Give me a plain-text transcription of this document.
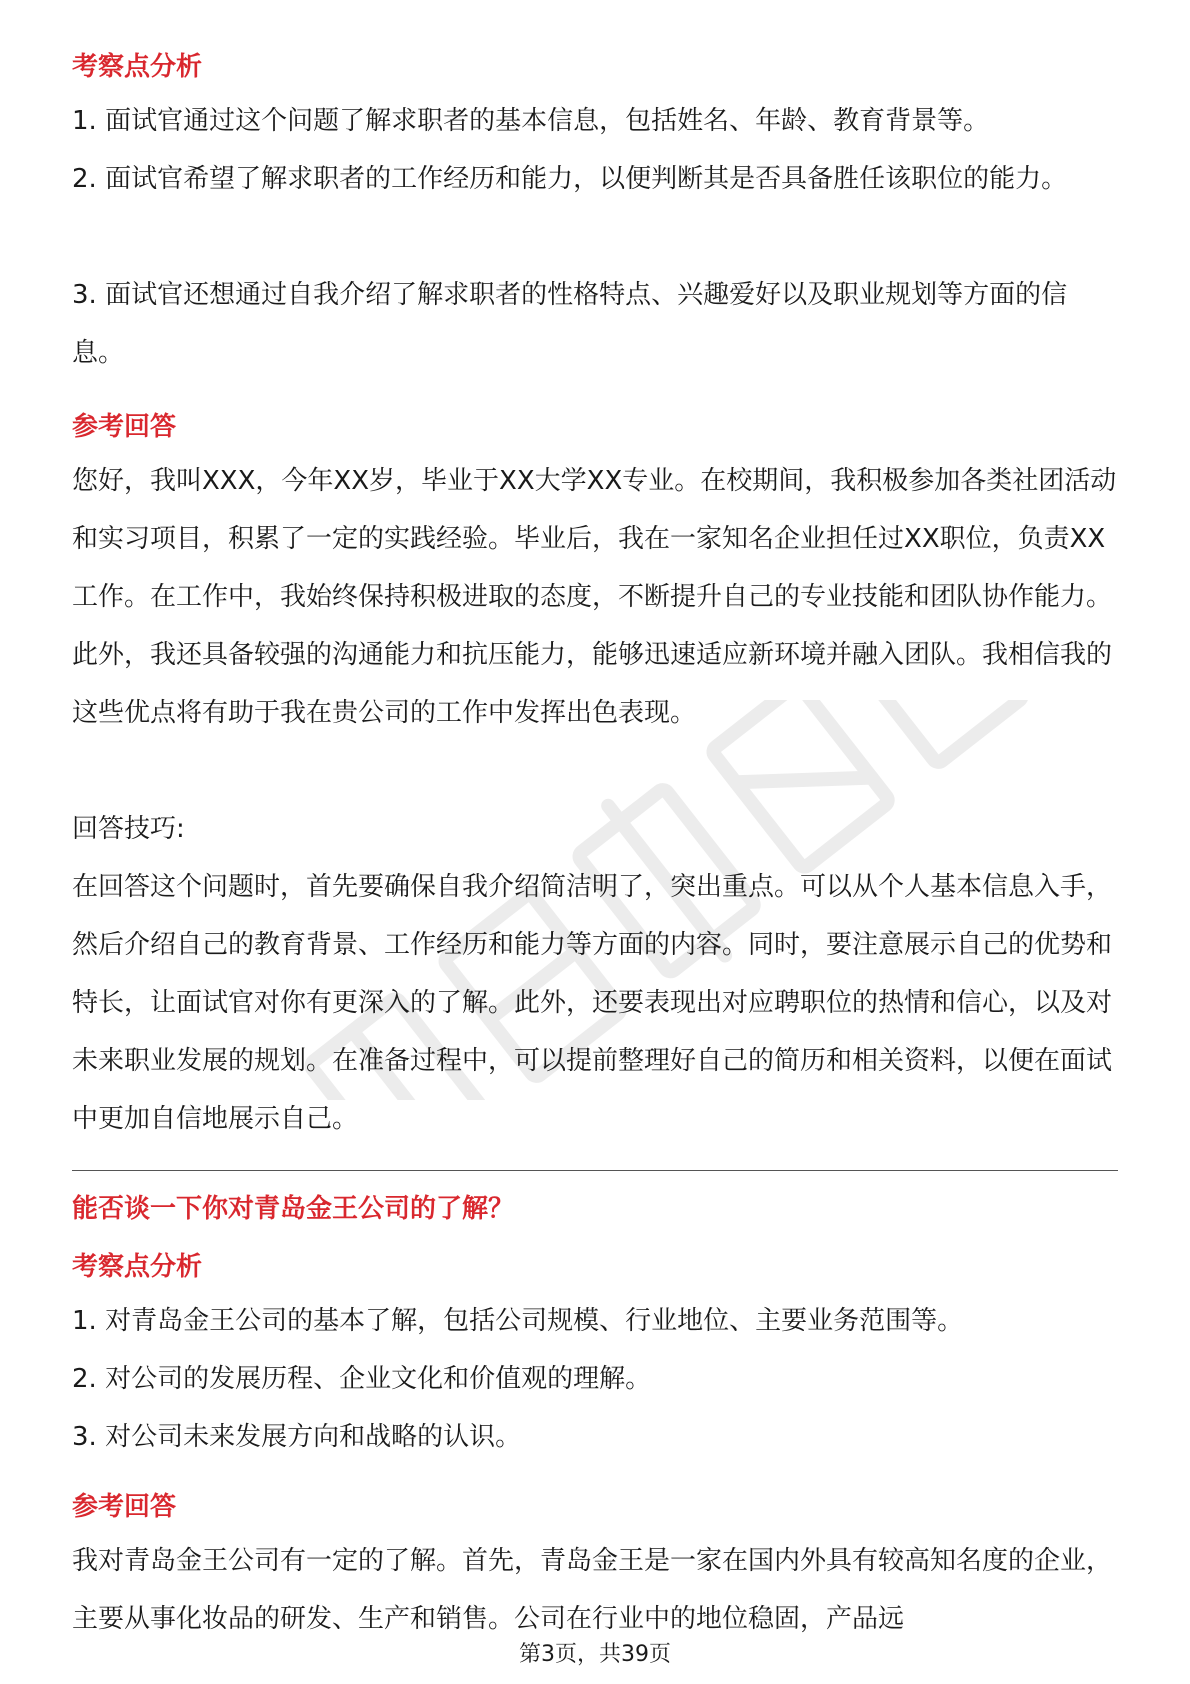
考察点分析
1. 面试官通过这个问题了解求职者的基本信息，包括姓名、年龄、教育背景等。
2. 面试官希望了解求职者的工作经历和能力，以便判断其是否具备胜任该职位的能力。
3. 面试官还想通过自我介绍了解求职者的性格特点、兴趣爱好以及职业规划等方面的信息。
参考回答
您好，我叫XXX，今年XX岁，毕业于XX大学XX专业。在校期间，我积极参加各类社团活动和实习项目，积累了一定的实践经验。毕业后，我在一家知名企业担任过XX职位，负责XX工作。在工作中，我始终保持积极进取的态度，不断提升自己的专业技能和团队协作能力。此外，我还具备较强的沟通能力和抗压能力，能够迅速适应新环境并融入团队。我相信我的这些优点将有助于我在贵公司的工作中发挥出色表现。
回答技巧:
在回答这个问题时，首先要确保自我介绍简洁明了，突出重点。可以从个人基本信息入手，然后介绍自己的教育背景、工作经历和能力等方面的内容。同时，要注意展示自己的优势和特长，让面试官对你有更深入的了解。此外，还要表现出对应聘职位的热情和信心，以及对未来职业发展的规划。在准备过程中，可以提前整理好自己的简历和相关资料，以便在面试中更加自信地展示自己。
能否谈一下你对青岛金王公司的了解？
考察点分析
1. 对青岛金王公司的基本了解，包括公司规模、行业地位、主要业务范围等。
2. 对公司的发展历程、企业文化和价值观的理解。
3. 对公司未来发展方向和战略的认识。
参考回答
我对青岛金王公司有一定的了解。首先，青岛金王是一家在国内外具有较高知名度的企业，主要从事化妆品的研发、生产和销售。公司在行业中的地位稳固，产品远
第3页，共39页
